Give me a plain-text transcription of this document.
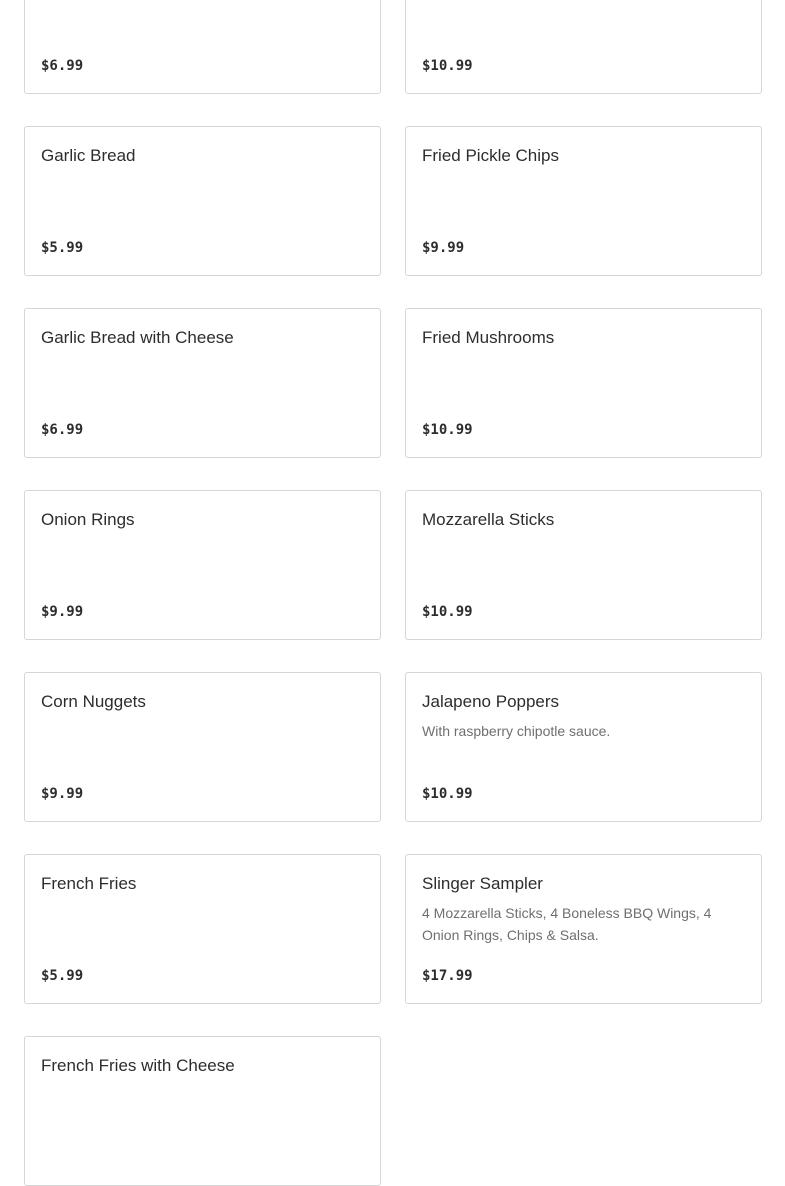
$6.99	$10.99
Garlic Bread
$5.99
Fried Pickle Chips
$9.99
Garlic Bread with Cheese
$6.99
Fried Mushrooms
$10.99
Onion Rings
$9.99
Mozzarella Sticks
$10.99
Corn Nuggets
$9.99
Jalapeno Poppers
With raspberry chipotle sauce.
$10.99
French Fries
$5.99
Slinger Sampler
4 Mozzarella Sticks, 4 Boneless BBQ Wings, 4 Onion Rings, Chips & Salsa.
$17.99
French Fries with Cheese
